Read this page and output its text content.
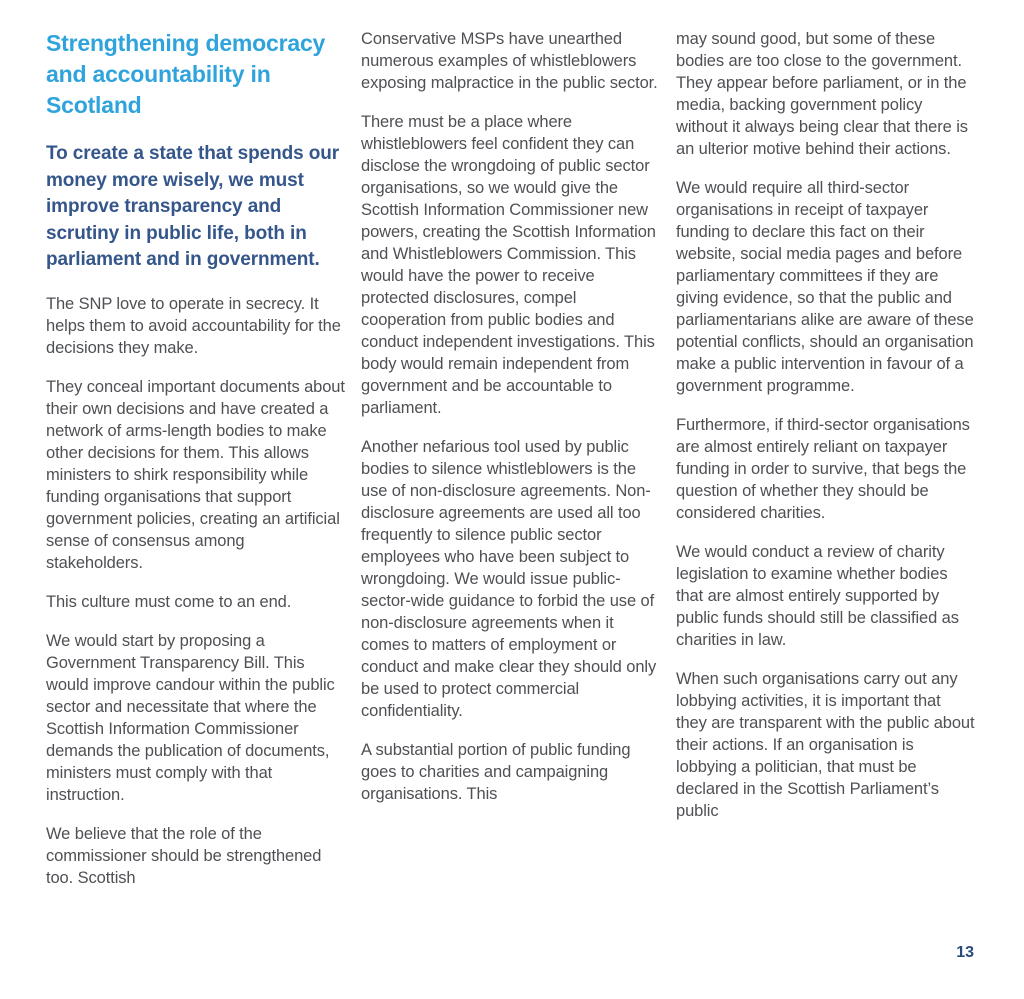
Strengthening democracy and accountability in Scotland
To create a state that spends our money more wisely, we must improve transparency and scrutiny in public life, both in parliament and in government.

The SNP love to operate in secrecy. It helps them to avoid accountability for the decisions they make.

They conceal important documents about their own decisions and have created a network of arms-length bodies to make other decisions for them. This allows ministers to shirk responsibility while funding organisations that support government policies, creating an artificial sense of consensus among stakeholders.

This culture must come to an end.

We would start by proposing a Government Transparency Bill. This would improve candour within the public sector and necessitate that where the Scottish Information Commissioner demands the publication of documents, ministers must comply with that instruction.

We believe that the role of the commissioner should be strengthened too. Scottish

Conservative MSPs have unearthed numerous examples of whistleblowers exposing malpractice in the public sector.

There must be a place where whistleblowers feel confident they can disclose the wrongdoing of public sector organisations, so we would give the Scottish Information Commissioner new powers, creating the Scottish Information and Whistleblowers Commission. This would have the power to receive protected disclosures, compel cooperation from public bodies and conduct independent investigations. This body would remain independent from government and be accountable to parliament.

Another nefarious tool used by public bodies to silence whistleblowers is the use of non-disclosure agreements. Non-disclosure agreements are used all too frequently to silence public sector employees who have been subject to wrongdoing. We would issue public-sector-wide guidance to forbid the use of non-disclosure agreements when it comes to matters of employment or conduct and make clear they should only be used to protect commercial confidentiality.

A substantial portion of public funding goes to charities and campaigning organisations. This

may sound good, but some of these bodies are too close to the government. They appear before parliament, or in the media, backing government policy without it always being clear that there is an ulterior motive behind their actions.

We would require all third-sector organisations in receipt of taxpayer funding to declare this fact on their website, social media pages and before parliamentary committees if they are giving evidence, so that the public and parliamentarians alike are aware of these potential conflicts, should an organisation make a public intervention in favour of a government programme.

Furthermore, if third-sector organisations are almost entirely reliant on taxpayer funding in order to survive, that begs the question of whether they should be considered charities.

We would conduct a review of charity legislation to examine whether bodies that are almost entirely supported by public funds should still be classified as charities in law.

When such organisations carry out any lobbying activities, it is important that they are transparent with the public about their actions. If an organisation is lobbying a politician, that must be declared in the Scottish Parliament’s public

13
